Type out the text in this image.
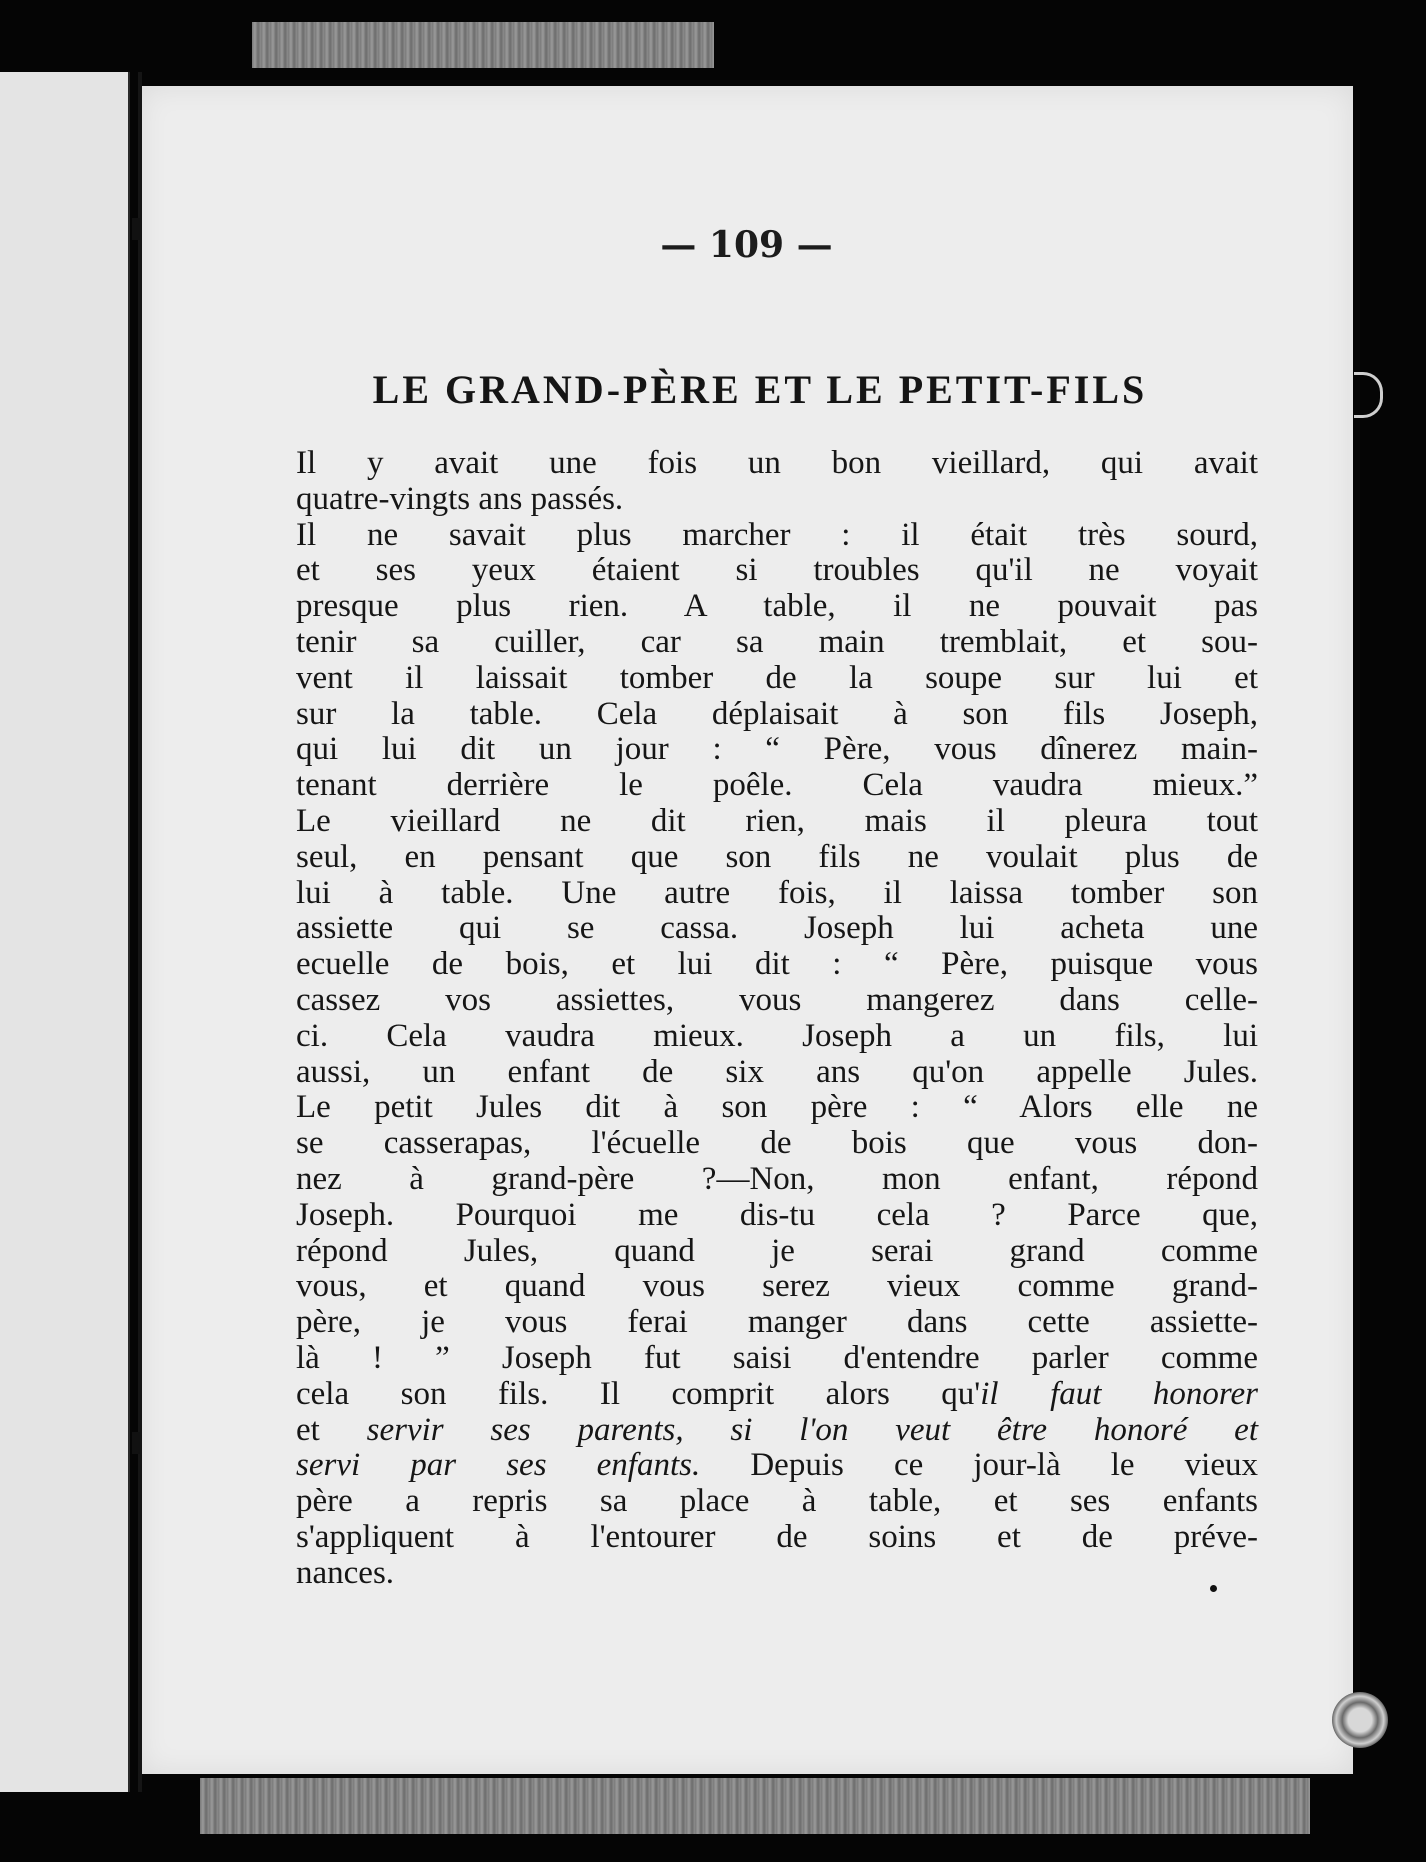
— 109 —
LE GRAND-PÈRE ET LE PETIT-FILS

Il y avait une fois un bon vieillard, qui avait
quatre-vingts ans passés.

Il ne savait plus marcher : il était très sourd,
et ses yeux étaient si troubles qu'il ne voyait
presque plus rien. A table, il ne pouvait pas
tenir sa cuiller, car sa main tremblait, et sou-
vent il laissait tomber de la soupe sur lui et
sur la table. Cela déplaisait à son fils Joseph,
qui lui dit un jour : “ Père, vous dînerez main-
tenant derrière le poêle. Cela vaudra mieux.”

Le vieillard ne dit rien, mais il pleura tout
seul, en pensant que son fils ne voulait plus de
lui à table. Une autre fois, il laissa tomber son
assiette qui se cassa. Joseph lui acheta une
ecuelle de bois, et lui dit : “ Père, puisque vous
cassez vos assiettes, vous mangerez dans celle-
ci. Cela vaudra mieux. Joseph a un fils, lui
aussi, un enfant de six ans qu'on appelle Jules.

Le petit Jules dit à son père : “ Alors elle ne
se casserapas, l'écuelle de bois que vous don-
nez à grand-père ?—Non, mon enfant, répond
Joseph. Pourquoi me dis-tu cela ? Parce que,
répond Jules, quand je serai grand comme
vous, et quand vous serez vieux comme grand-
père, je vous ferai manger dans cette assiette-
là ! ” Joseph fut saisi d'entendre parler comme
cela son fils. Il comprit alors qu'il faut honorer
et servir ses parents, si l'on veut être honoré et
servi par ses enfants. Depuis ce jour-là le vieux
père a repris sa place à table, et ses enfants
s'appliquent à l'entourer de soins et de préve-
nances.
